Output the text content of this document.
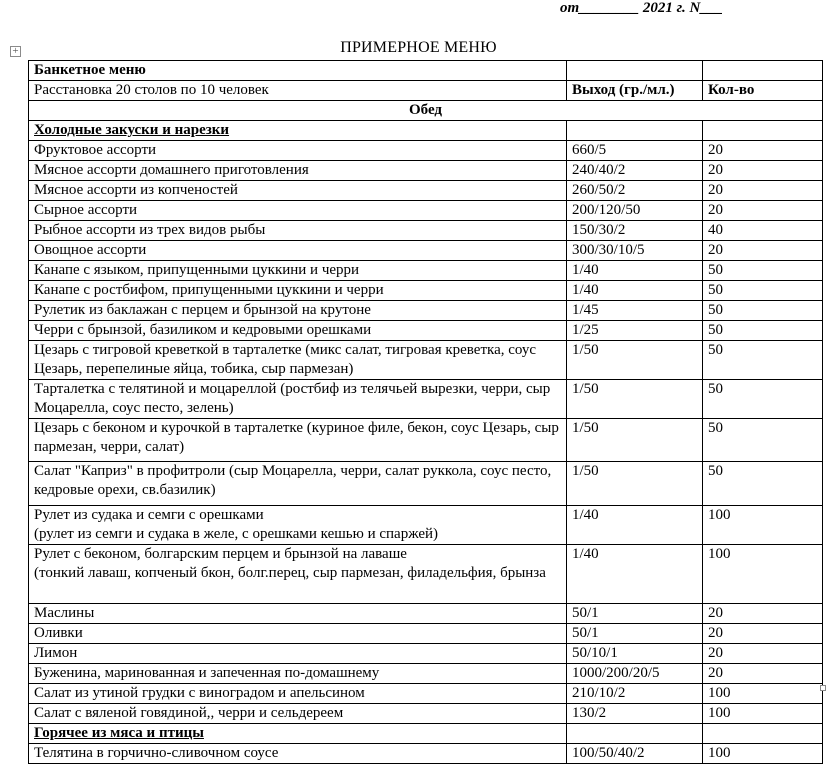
от________ 2021 г. N___
+	ПРИМЕРНОЕ МЕНЮ
Банкетное меню		
Расстановка 20 столов по 10 человек	Выход (гр./мл.)	Кол-во
Обед		
Холодные закуски и нарезки		
Фруктовое ассорти	660/5	20
Мясное ассорти домашнего приготовления	240/40/2	20
Мясное ассорти из копченостей	260/50/2	20
Сырное ассорти	200/120/50	20
Рыбное ассорти из трех видов рыбы	150/30/2	40
Овощное ассорти	300/30/10/5	20
Канапе с языком, припущенными цуккини и черри	1/40	50
Канапе с ростбифом, припущенными цуккини и черри	1/40	50
Рулетик из баклажан с перцем и брынзой на крутоне	1/45	50
Черри с брынзой, базиликом и кедровыми орешками	1/25	50
Цезарь с тигровой креветкой в тарталетке (микс салат, тигровая креветка, соус Цезарь, перепелиные яйца, тобика, сыр пармезан)	1/50	50
Тарталетка с телятиной и моцареллой (ростбиф из телячьей вырезки, черри, сыр Моцарелла, соус песто, зелень)	1/50	50
Цезарь с беконом и курочкой в тарталетке (куриное филе, бекон, соус Цезарь, сыр пармезан, черри, салат)	1/50	50
Салат "Каприз" в профитроли (сыр Моцарелла, черри, салат руккола, соус песто, кедровые орехи, св.базилик)	1/50	50
Рулет из судака и семги с орешками
(рулет из семги и судака в желе, с орешками кешью и спаржей)	1/40	100
Рулет с беконом, болгарским перцем и брынзой на лаваше
(тонкий лаваш, копченый бкон, болг.перец, сыр пармезан, филадельфия, брынза	1/40	100
Маслины	50/1	20
Оливки	50/1	20
Лимон	50/10/1	20
Буженина, маринованная и запеченная по-домашнему	1000/200/20/5	20
Салат из утиной грудки с виноградом и апельсином	210/10/2	100
Салат с вяленой говядиной,, черри и сельдереем	130/2	100
Горячее из мяса и птицы		
Телятина в горчично-сливочном соусе	100/50/40/2	100
